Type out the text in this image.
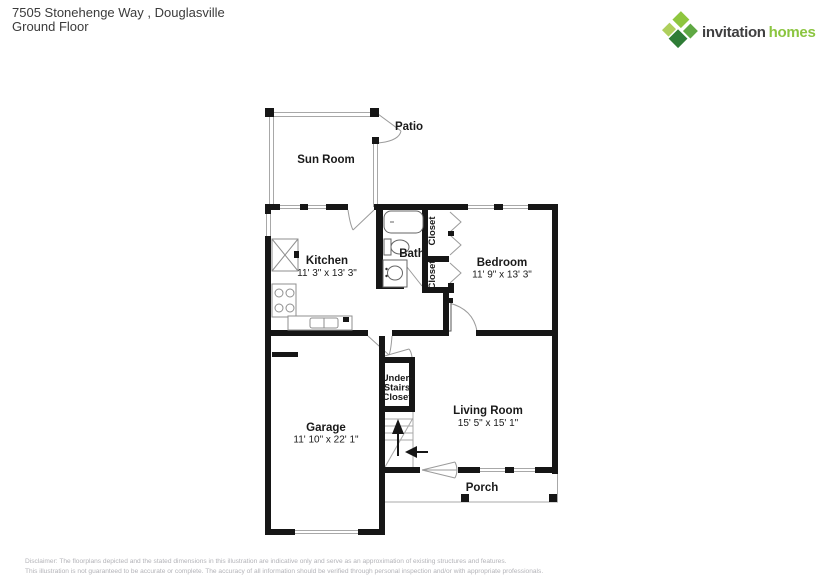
7505 Stonehenge Way , Douglasville
Ground Floor	invitation homes
Patio
Sun Room
Kitchen
11' 3" x 13' 3"
Bath
Closet
Closet	Bedroom
11' 9" x 13' 3"
Under-
Stairs
Closet
Living Room
15' 5" x 15' 1"
Garage
11' 10" x 22' 1"
Porch
Disclaimer: The floorplans depicted and the stated dimensions in this illustration are indicative only and serve as an approximation of existing structures and features.
This illustration is not guaranteed to be accurate or complete. The accuracy of all information should be verified through personal inspection and/or with appropriate professionals.
